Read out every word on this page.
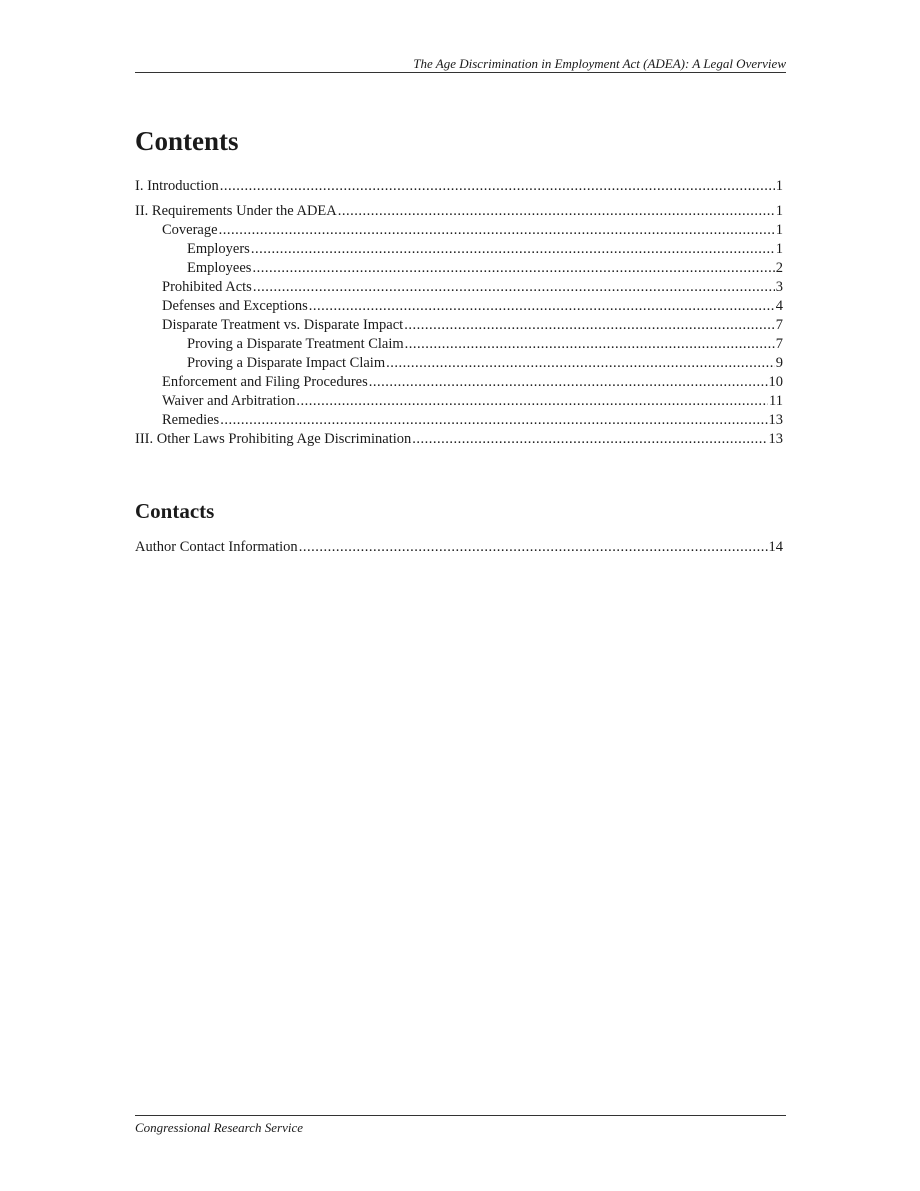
The Age Discrimination in Employment Act (ADEA): A Legal Overview
Contents
I. Introduction .....	1
II. Requirements Under the ADEA .....	1
Coverage .....	1
Employers .....	1
Employees .....	2
Prohibited Acts .....	3
Defenses and Exceptions .....	4
Disparate Treatment vs. Disparate Impact .....	7
Proving a Disparate Treatment Claim .....	7
Proving a Disparate Impact Claim .....	9
Enforcement and Filing Procedures .....	10
Waiver and Arbitration .....	11
Remedies .....	13
III. Other Laws Prohibiting Age Discrimination .....	13
Contacts
Author Contact Information .....	14
Congressional Research Service
